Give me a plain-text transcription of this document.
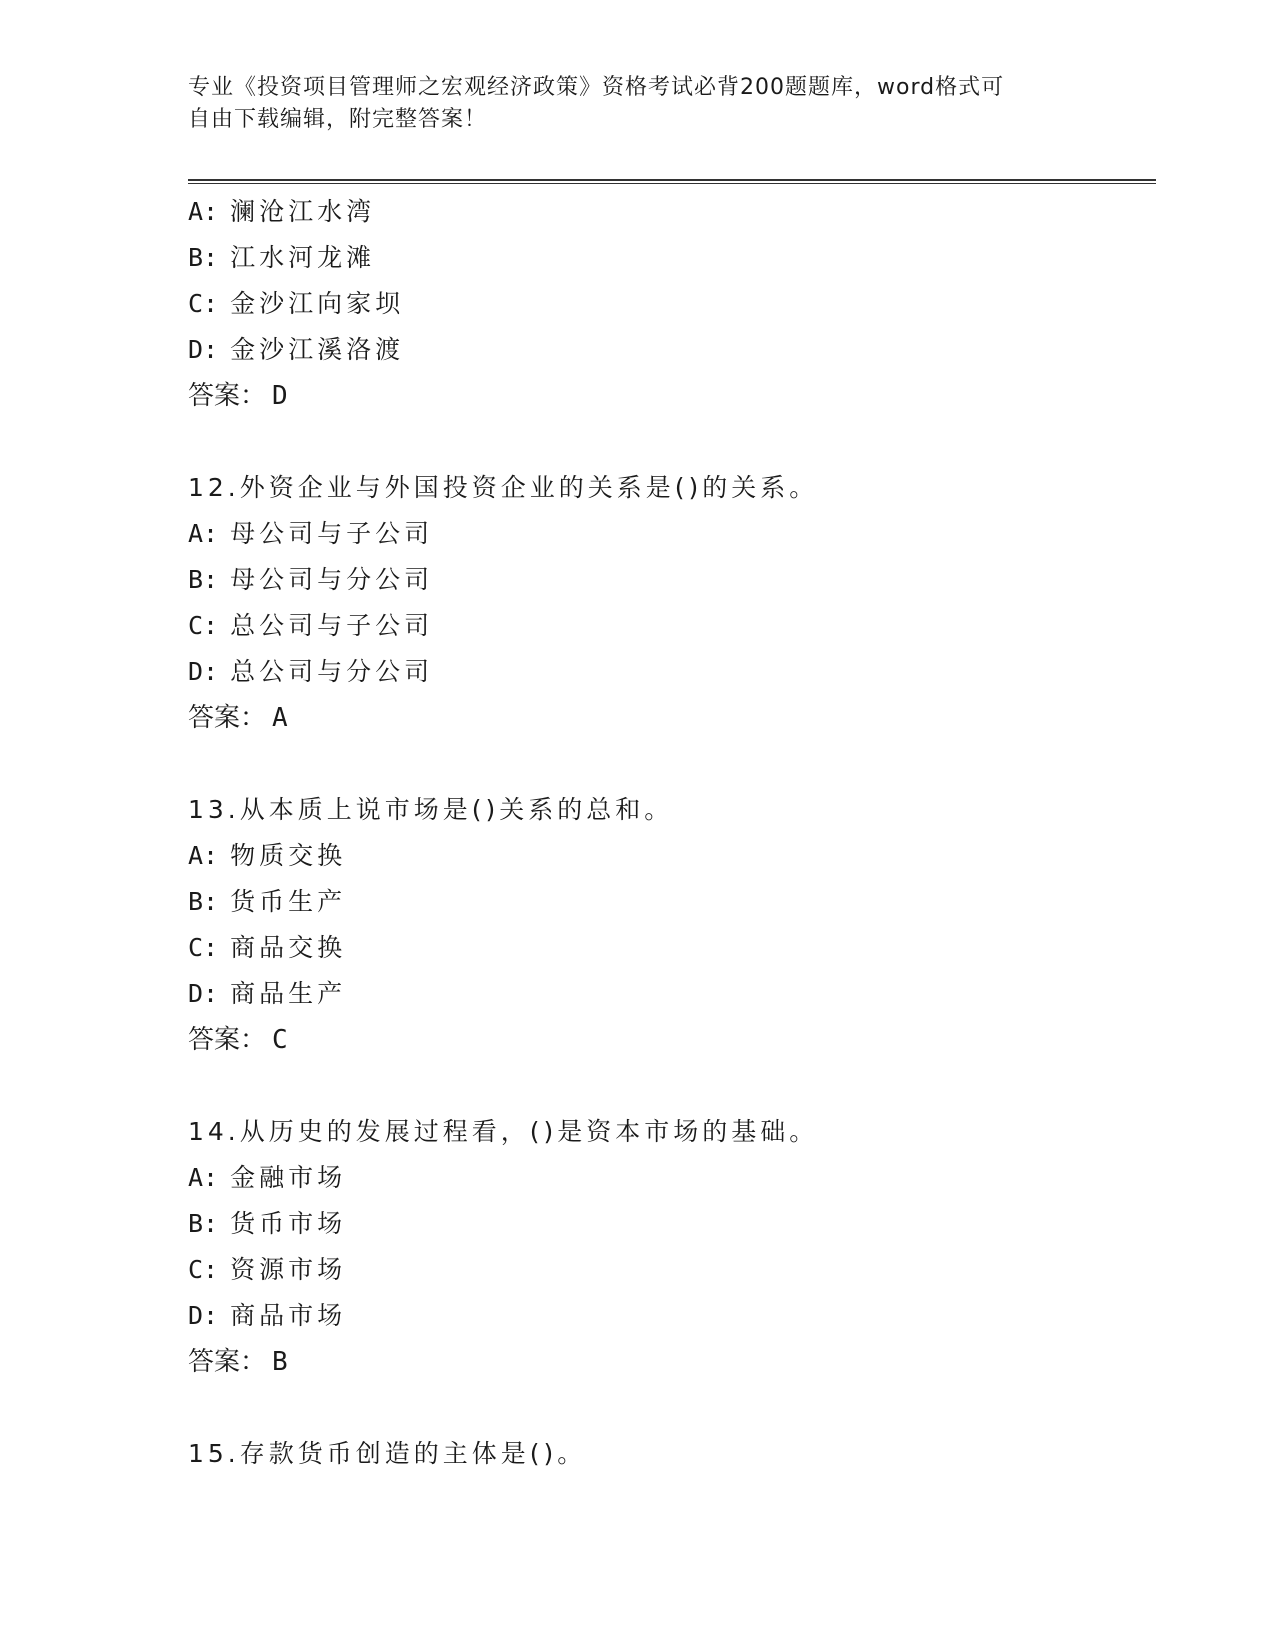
专业《投资项目管理师之宏观经济政策》资格考试必背200题题库，word格式可
自由下载编辑，附完整答案！
A: 澜沧江水湾
B: 江水河龙滩
C: 金沙江向家坝
D: 金沙江溪洛渡
答案： D
12.外资企业与外国投资企业的关系是()的关系。
A: 母公司与子公司
B: 母公司与分公司
C: 总公司与子公司
D: 总公司与分公司
答案： A
13.从本质上说市场是()关系的总和。
A: 物质交换
B: 货币生产
C: 商品交换
D: 商品生产
答案： C
14.从历史的发展过程看，()是资本市场的基础。
A: 金融市场
B: 货币市场
C: 资源市场
D: 商品市场
答案： B
15.存款货币创造的主体是()。
